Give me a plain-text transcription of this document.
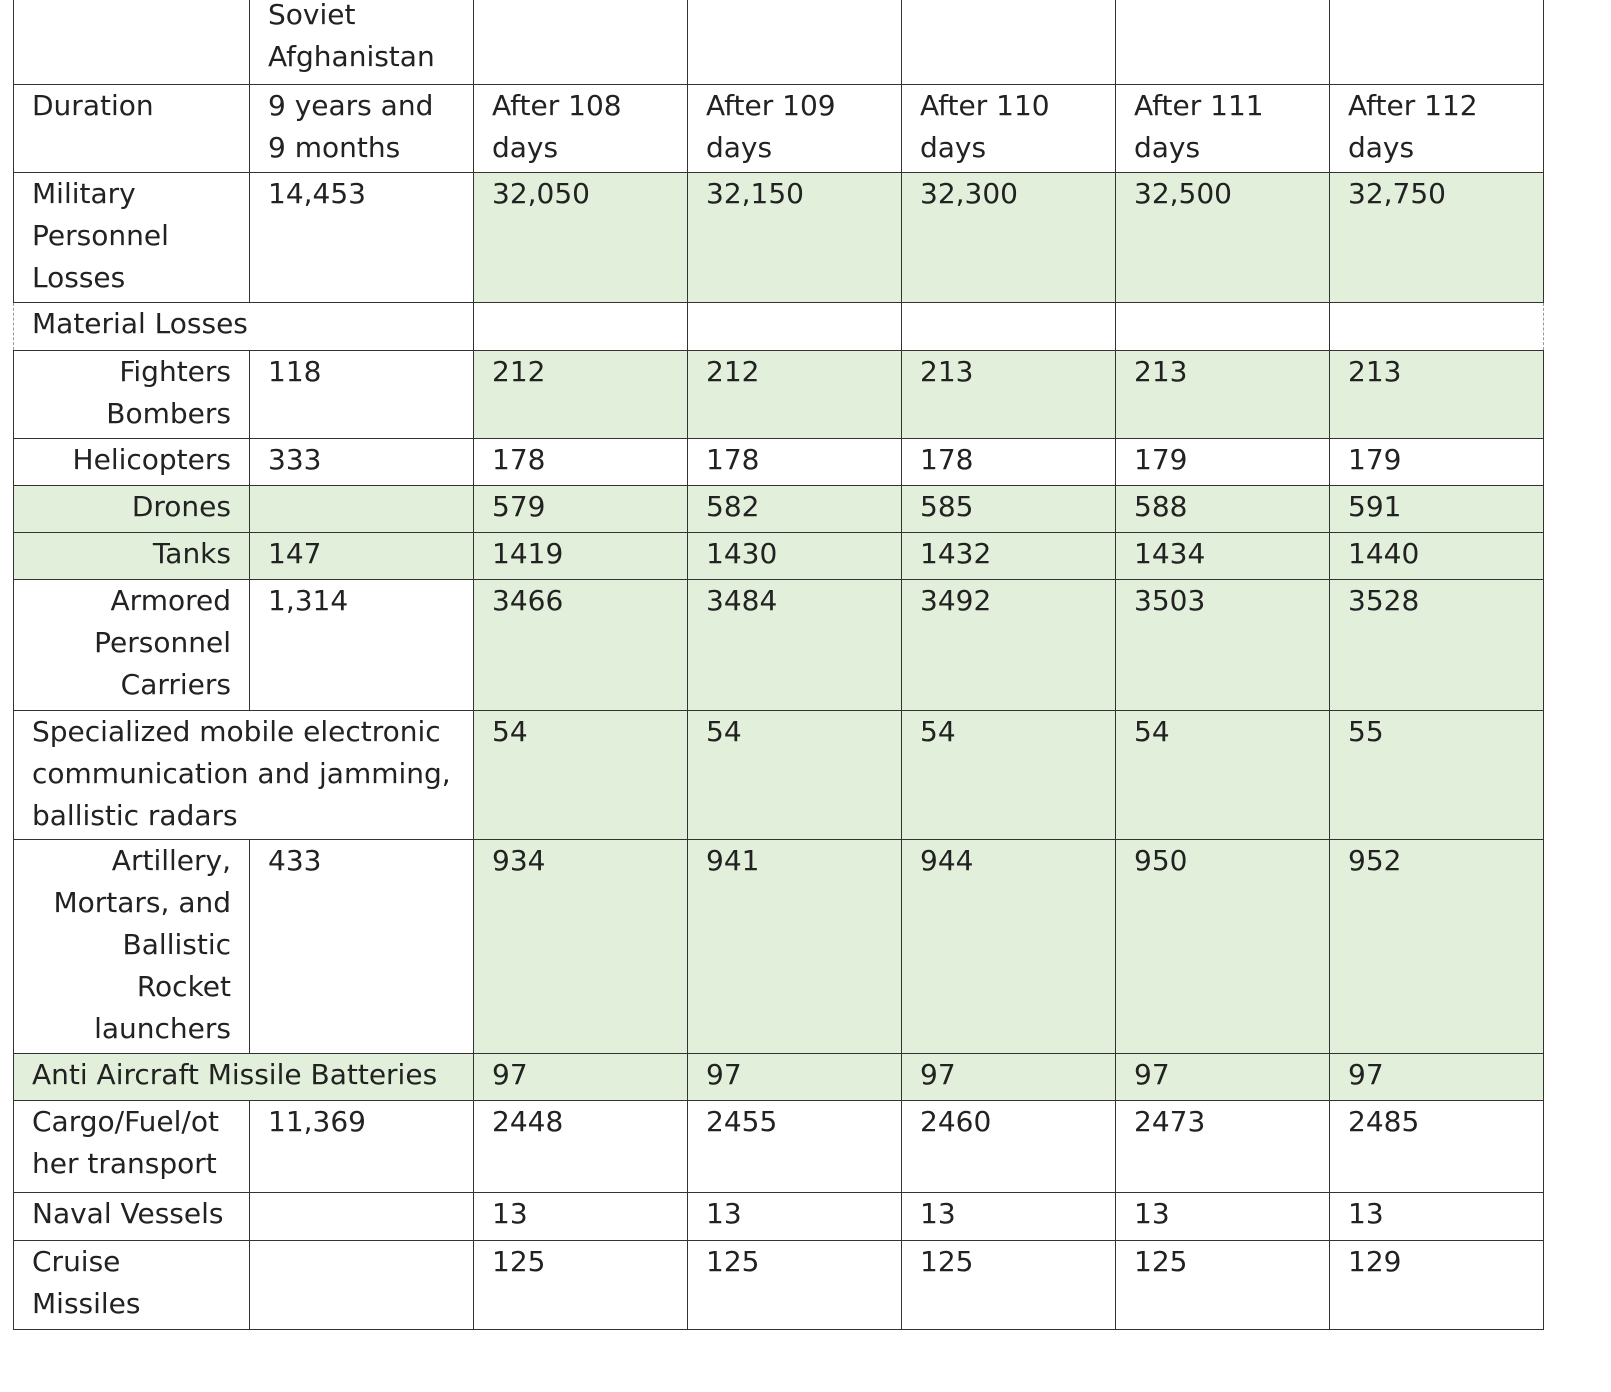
	Soviet Afghanistan					
Duration	9 years and 9 months	After 108 days	After 109 days	After 110 days	After 111 days	After 112 days
Military Personnel Losses	14,453	32,050	32,150	32,300	32,500	32,750
Material Losses						
Fighters Bombers	118	212	212	213	213	213
Helicopters	333	178	178	178	179	179
Drones		579	582	585	588	591
Tanks	147	1419	1430	1432	1434	1440
Armored Personnel Carriers	1,314	3466	3484	3492	3503	3528
Specialized mobile electronic communication and jamming, ballistic radars		54	54	54	54	55
Artillery, Mortars, and Ballistic Rocket launchers	433	934	941	944	950	952
Anti Aircraft Missile Batteries		97	97	97	97	97
Cargo/Fuel/other transport	11,369	2448	2455	2460	2473	2485
Naval Vessels		13	13	13	13	13
Cruise Missiles		125	125	125	125	129
